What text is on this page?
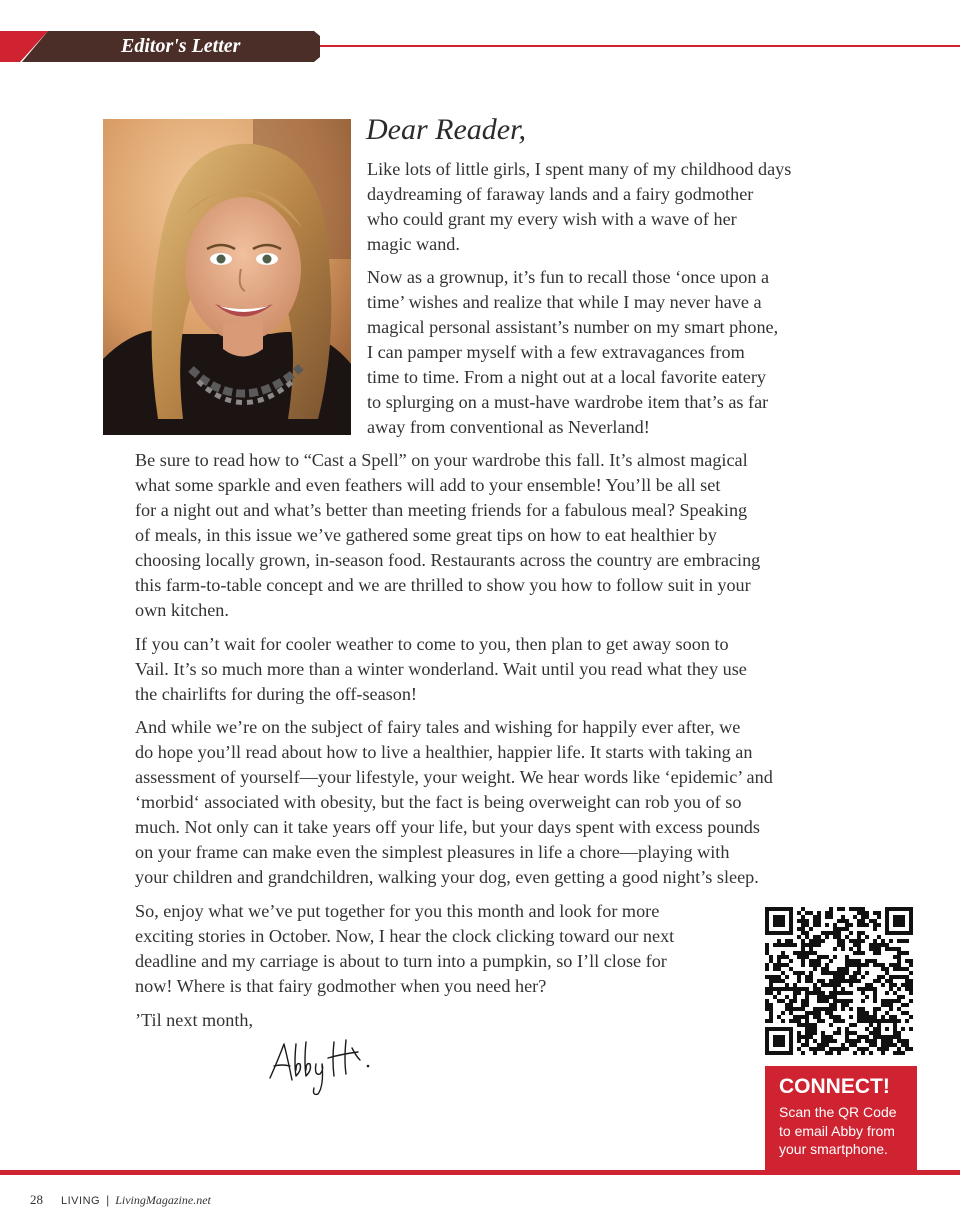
Editor's Letter
Dear Reader,

Like lots of little girls, I spent many of my childhood days
daydreaming of faraway lands and a fairy godmother
who could grant my every wish with a wave of her
magic wand.

Now as a grownup, it’s fun to recall those ‘once upon a
time’ wishes and realize that while I may never have a
magical personal assistant’s number on my smart phone,
I can pamper myself with a few extravagances from
time to time. From a night out at a local favorite eatery
to splurging on a must-have wardrobe item that’s as far
away from conventional as Neverland!

Be sure to read how to “Cast a Spell” on your wardrobe this fall. It’s almost magical
what some sparkle and even feathers will add to your ensemble! You’ll be all set
for a night out and what’s better than meeting friends for a fabulous meal? Speaking
of meals, in this issue we’ve gathered some great tips on how to eat healthier by
choosing locally grown, in-season food. Restaurants across the country are embracing
this farm-to-table concept and we are thrilled to show you how to follow suit in your
own kitchen.

If you can’t wait for cooler weather to come to you, then plan to get away soon to
Vail. It’s so much more than a winter wonderland. Wait until you read what they use
the chairlifts for during the off-season!

And while we’re on the subject of fairy tales and wishing for happily ever after, we
do hope you’ll read about how to live a healthier, happier life. It starts with taking an
assessment of yourself—your lifestyle, your weight. We hear words like ‘epidemic’ and
‘morbid‘ associated with obesity, but the fact is being overweight can rob you of so
much. Not only can it take years off your life, but your days spent with excess pounds
on your frame can make even the simplest pleasures in life a chore—playing with
your children and grandchildren, walking your dog, even getting a good night’s sleep.

So, enjoy what we’ve put together for you this month and look for more
exciting stories in October. Now, I hear the clock clicking toward our next
deadline and my carriage is about to turn into a pumpkin, so I’ll close for
now! Where is that fairy godmother when you need her?

’Til next month,

CONNECT!
Scan the QR Code
to email Abby from
your smartphone.
28 LIVING | LivingMagazine.net
